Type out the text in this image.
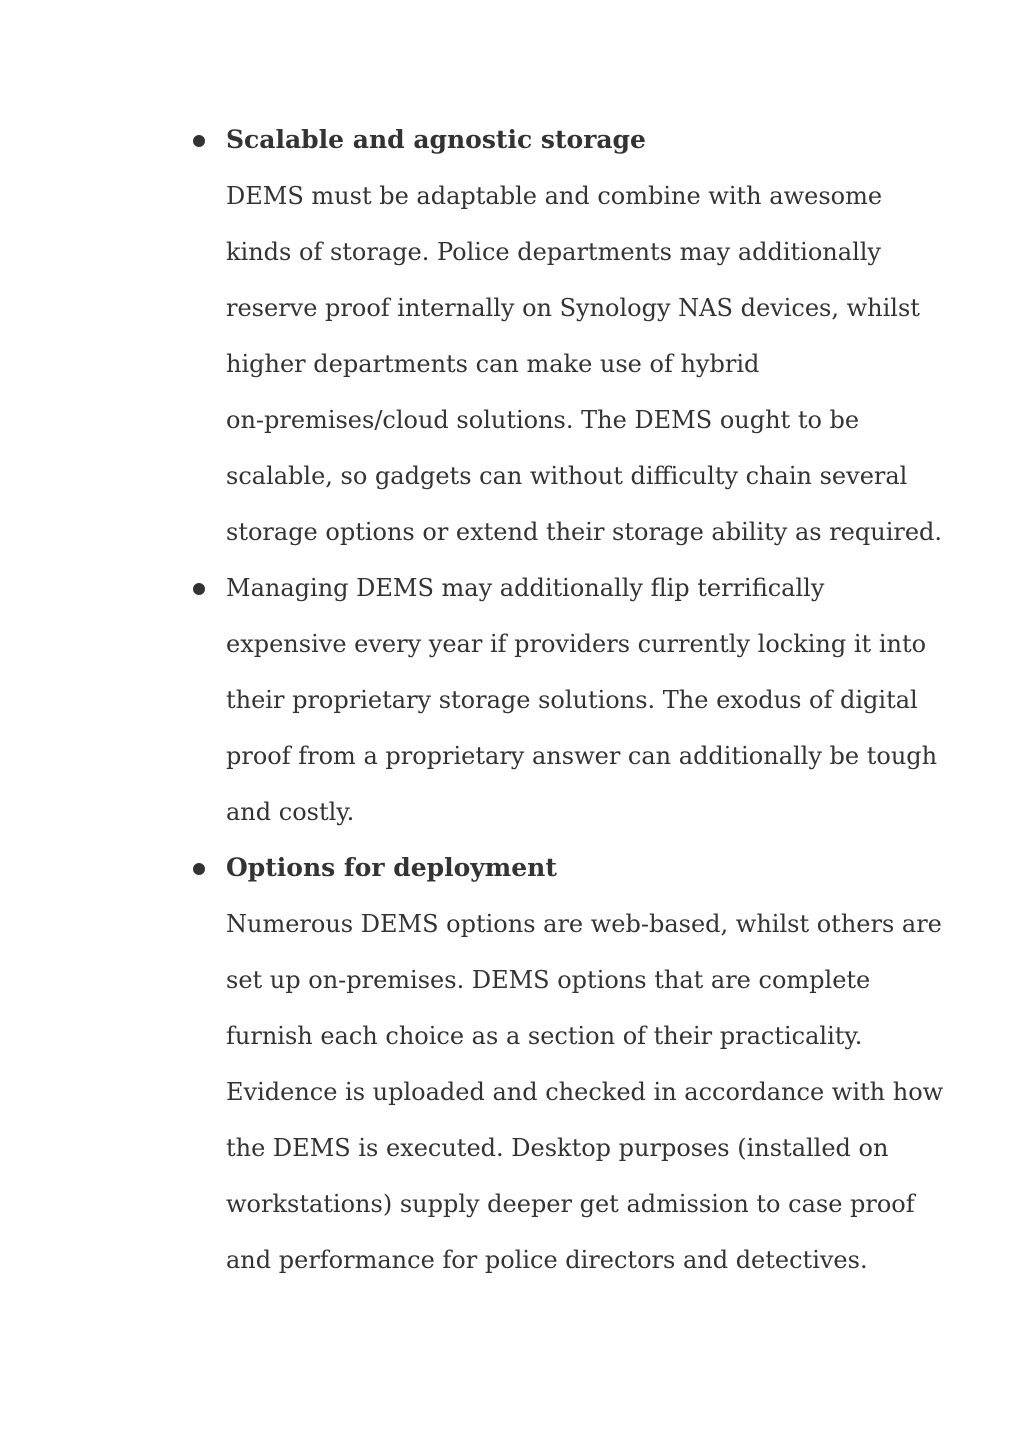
Scalable and agnostic storage
DEMS must be adaptable and combine with awesome
kinds of storage. Police departments may additionally
reserve proof internally on Synology NAS devices, whilst
higher departments can make use of hybrid
on-premises/cloud solutions. The DEMS ought to be
scalable, so gadgets can without difficulty chain several
storage options or extend their storage ability as required.
Managing DEMS may additionally flip terrifically
expensive every year if providers currently locking it into
their proprietary storage solutions. The exodus of digital
proof from a proprietary answer can additionally be tough
and costly.
Options for deployment
Numerous DEMS options are web-based, whilst others are
set up on-premises. DEMS options that are complete
furnish each choice as a section of their practicality.
Evidence is uploaded and checked in accordance with how
the DEMS is executed. Desktop purposes (installed on
workstations) supply deeper get admission to case proof
and performance for police directors and detectives.
